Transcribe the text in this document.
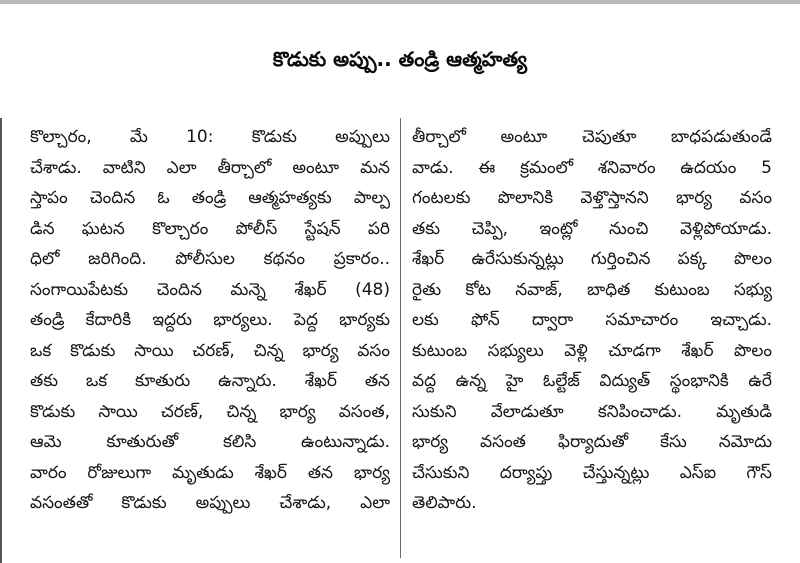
కొడుకు అప్పు.. తండ్రి ఆత్మహత్య
కొల్చారం, మే 10: కొడుకు అప్పులు
చేశాడు. వాటిని ఎలా తీర్చాలో అంటూ మన
స్తాపం చెందిన ఓ తండ్రి ఆత్మహత్యకు పాల్ప
డిన ఘటన కొల్చారం పోలీస్ స్టేషన్ పరి
ధిలో జరిగింది. పోలీసుల కథనం ప్రకారం..
సంగాయిపేటకు చెందిన మన్నె శేఖర్ (48)
తండ్రి కేదారికి ఇద్దరు భార్యలు. పెద్ద భార్యకు
ఒక కొడుకు సాయి చరణ్, చిన్న భార్య వసం
తకు ఒక కూతురు ఉన్నారు. శేఖర్ తన
కొడుకు సాయి చరణ్, చిన్న భార్య వసంత,
ఆమె కూతురుతో కలిసి ఉంటున్నాడు.
వారం రోజులుగా మృతుడు శేఖర్ తన భార్య
వసంతతో కొడుకు అప్పులు చేశాడు, ఎలా
తీర్చాలో అంటూ చెపుతూ బాధపడుతుండే
వాడు. ఈ క్రమంలో శనివారం ఉదయం 5
గంటలకు పొలానికి వెళ్తొస్తానని భార్య వసం
తకు చెప్పి, ఇంట్లో నుంచి వెళ్లిపోయాడు.
శేఖర్ ఉరేసుకున్నట్లు గుర్తించిన పక్క పొలం
రైతు కోట నవాజ్, బాధిత కుటుంబ సభ్యు
లకు ఫోన్ ద్వారా సమాచారం ఇచ్చాడు.
కుటుంబ సభ్యులు వెళ్లి చూడగా శేఖర్ పొలం
వద్ద ఉన్న హై ఓల్టేజ్ విద్యుత్ స్థంభానికి ఉరే
సుకుని వేలాడుతూ కనిపించాడు. మృతుడి
భార్య వసంత ఫిర్యాదుతో కేసు నమోదు
చేసుకుని దర్యాప్తు చేస్తున్నట్లు ఎస్ఐ గౌస్
తెలిపారు.
